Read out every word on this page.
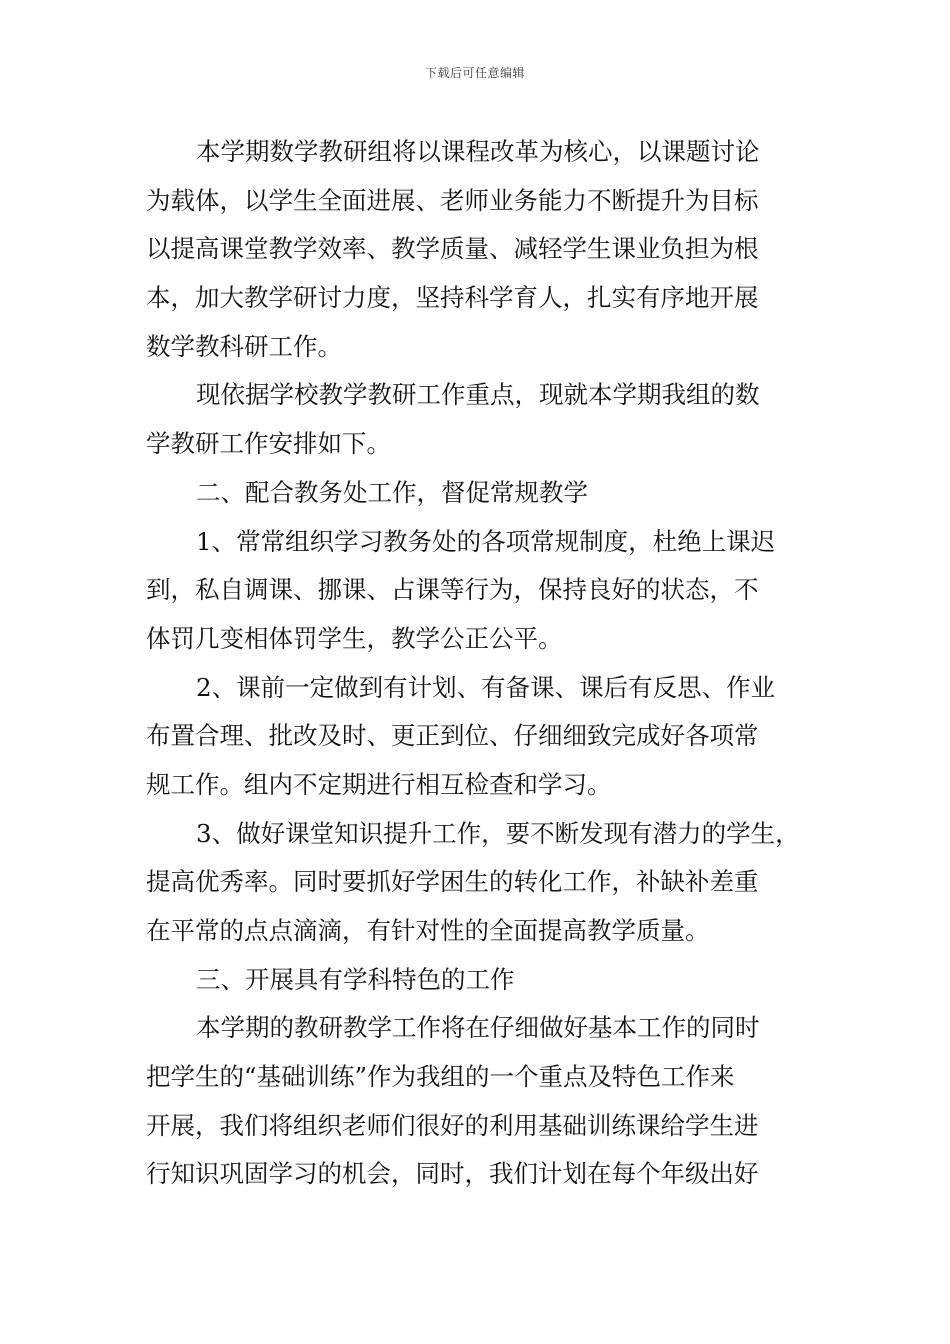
下载后可任意编辑
本学期数学教研组将以课程改革为核心，以课题讨论
为载体，以学生全面进展、老师业务能力不断提升为目标
以提高课堂教学效率、教学质量、减轻学生课业负担为根
本，加大教学研讨力度，坚持科学育人，扎实有序地开展
数学教科研工作。
现依据学校教学教研工作重点，现就本学期我组的数
学教研工作安排如下。
二、配合教务处工作，督促常规教学
1、常常组织学习教务处的各项常规制度，杜绝上课迟
到，私自调课、挪课、占课等行为，保持良好的状态，不
体罚几变相体罚学生，教学公正公平。
2、课前一定做到有计划、有备课、课后有反思、作业
布置合理、批改及时、更正到位、仔细细致完成好各项常
规工作。组内不定期进行相互检查和学习。
3、做好课堂知识提升工作，要不断发现有潜力的学生，
提高优秀率。同时要抓好学困生的转化工作，补缺补差重
在平常的点点滴滴，有针对性的全面提高教学质量。
三、开展具有学科特色的工作
本学期的教研教学工作将在仔细做好基本工作的同时
把学生的“基础训练”作为我组的一个重点及特色工作来
开展，我们将组织老师们很好的利用基础训练课给学生进
行知识巩固学习的机会，同时，我们计划在每个年级出好
